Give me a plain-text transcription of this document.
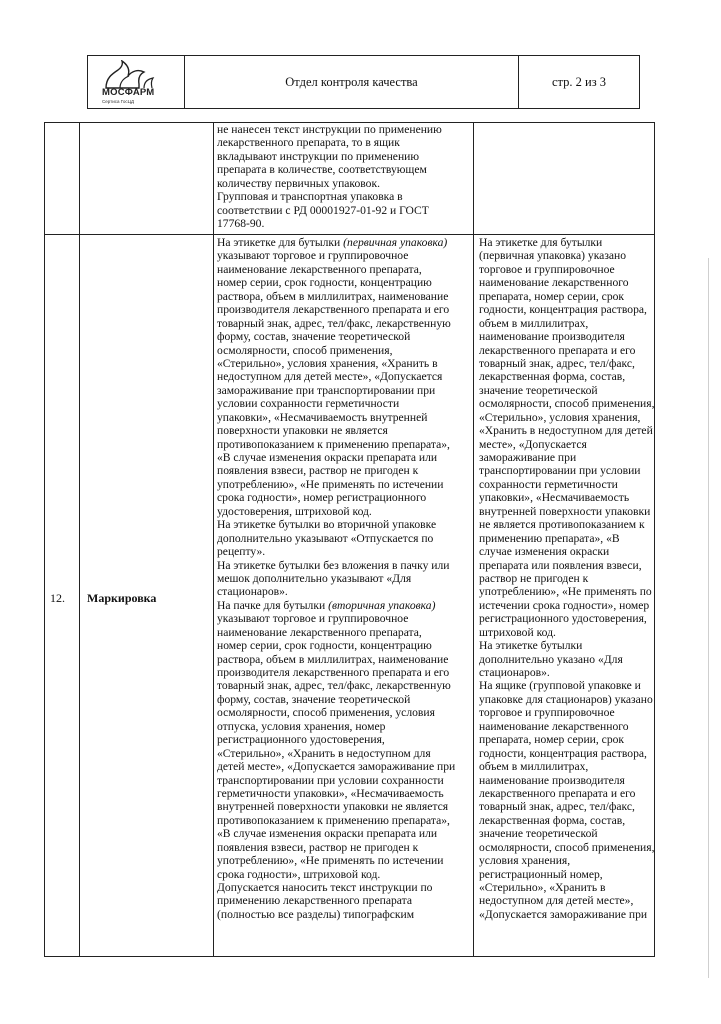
МОСФАРМ
Сертиса ГосЦД
Отдел контроля качества	стр. 2 из 3
не нанесен текст инструкции по применению
лекарственного препарата, то в ящик
вкладывают инструкции по применению
препарата в количестве, соответствующем
количеству первичных упаковок.
Групповая и транспортная упаковка в
соответствии с РД 00001927-01-92 и ГОСТ
17768-90.
12. Маркировка
На этикетке для бутылки (первичная упаковка)
указывают торговое и группировочное
наименование лекарственного препарата,
номер серии, срок годности, концентрацию
раствора, объем в миллилитрах, наименование
производителя лекарственного препарата и его
товарный знак, адрес, тел/факс, лекарственную
форму, состав, значение теоретической
осмолярности, способ применения,
«Стерильно», условия хранения, «Хранить в
недоступном для детей месте», «Допускается
замораживание при транспортировании при
условии сохранности герметичности
упаковки», «Несмачиваемость внутренней
поверхности упаковки не является
противопоказанием к применению препарата»,
«В случае изменения окраски препарата или
появления взвеси, раствор не пригоден к
употреблению», «Не применять по истечении
срока годности», номер регистрационного
удостоверения, штриховой код.
На этикетке бутылки во вторичной упаковке
дополнительно указывают «Отпускается по
рецепту».
На этикетке бутылки без вложения в пачку или
мешок дополнительно указывают «Для
стационаров».
На пачке для бутылки (вторичная упаковка)
указывают торговое и группировочное
наименование лекарственного препарата,
номер серии, срок годности, концентрацию
раствора, объем в миллилитрах, наименование
производителя лекарственного препарата и его
товарный знак, адрес, тел/факс, лекарственную
форму, состав, значение теоретической
осмолярности, способ применения, условия
отпуска, условия хранения, номер
регистрационного удостоверения,
«Стерильно», «Хранить в недоступном для
детей месте», «Допускается замораживание при
транспортировании при условии сохранности
герметичности упаковки», «Несмачиваемость
внутренней поверхности упаковки не является
противопоказанием к применению препарата»,
«В случае изменения окраски препарата или
появления взвеси, раствор не пригоден к
употреблению», «Не применять по истечении
срока годности», штриховой код.
Допускается наносить текст инструкции по
применению лекарственного препарата
(полностью все разделы) типографским
На этикетке для бутылки
(первичная упаковка) указано
торговое и группировочное
наименование лекарственного
препарата, номер серии, срок
годности, концентрация раствора,
объем в миллилитрах,
наименование производителя
лекарственного препарата и его
товарный знак, адрес, тел/факс,
лекарственная форма, состав,
значение теоретической
осмолярности, способ применения,
«Стерильно», условия хранения,
«Хранить в недоступном для детей
месте», «Допускается
замораживание при
транспортировании при условии
сохранности герметичности
упаковки», «Несмачиваемость
внутренней поверхности упаковки
не является противопоказанием к
применению препарата», «В
случае изменения окраски
препарата или появления взвеси,
раствор не пригоден к
употреблению», «Не применять по
истечении срока годности», номер
регистрационного удостоверения,
штриховой код.
На этикетке бутылки
дополнительно указано «Для
стационаров».
На ящике (групповой упаковке и
упаковке для стационаров) указано
торговое и группировочное
наименование лекарственного
препарата, номер серии, срок
годности, концентрация раствора,
объем в миллилитрах,
наименование производителя
лекарственного препарата и его
товарный знак, адрес, тел/факс,
лекарственная форма, состав,
значение теоретической
осмолярности, способ применения,
условия хранения,
регистрационный номер,
«Стерильно», «Хранить в
недоступном для детей месте»,
«Допускается замораживание при
